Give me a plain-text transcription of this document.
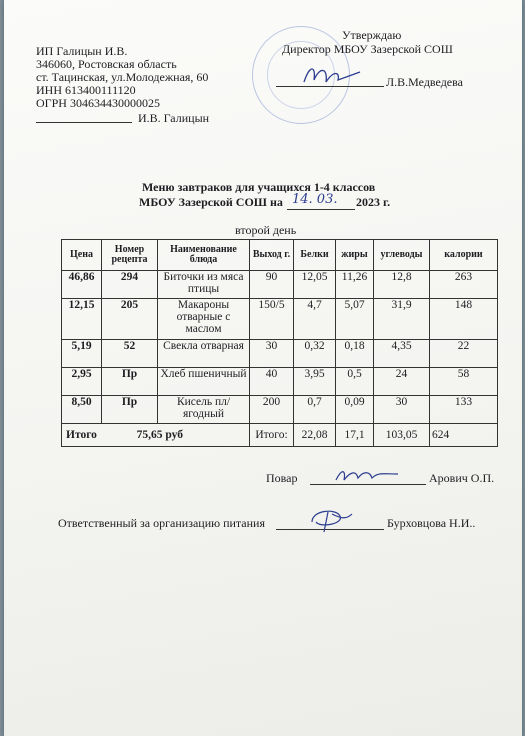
ИП Галицын И.В.
346060, Ростовская область
ст. Тацинская, ул.Молодежная, 60
ИНН 613400111120
ОГРН 304634430000025
И.В. Галицын
Утверждаю
Директор МБОУ Зазерской СОШ
Л.В.Медведева
Меню завтраков для учащихся 1-4 классов
МБОУ Зазерской СОШ на 14. 03. 2023 г.
второй день
Цена	Номер рецепта	Наименование блюда	Выход г.	Белки	жиры	углеводы	калории
46,86	294	Биточки из мяса птицы	90	12,05	11,26	12,8	263
12,15	205	Макароны отварные с маслом	150/5	4,7	5,07	31,9	148
5,19	52	Свекла отварная	30	0,32	0,18	4,35	22
2,95	Пр	Хлеб пшеничный	40	3,95	0,5	24	58
8,50	Пр	Кисель пл/ягодный	200	0,7	0,09	30	133
Итого 75,65 руб			Итого:	22,08	17,1	103,05	624
Повар	Арович О.П.
Ответственный за организацию питания	Бурховцова Н.И..
